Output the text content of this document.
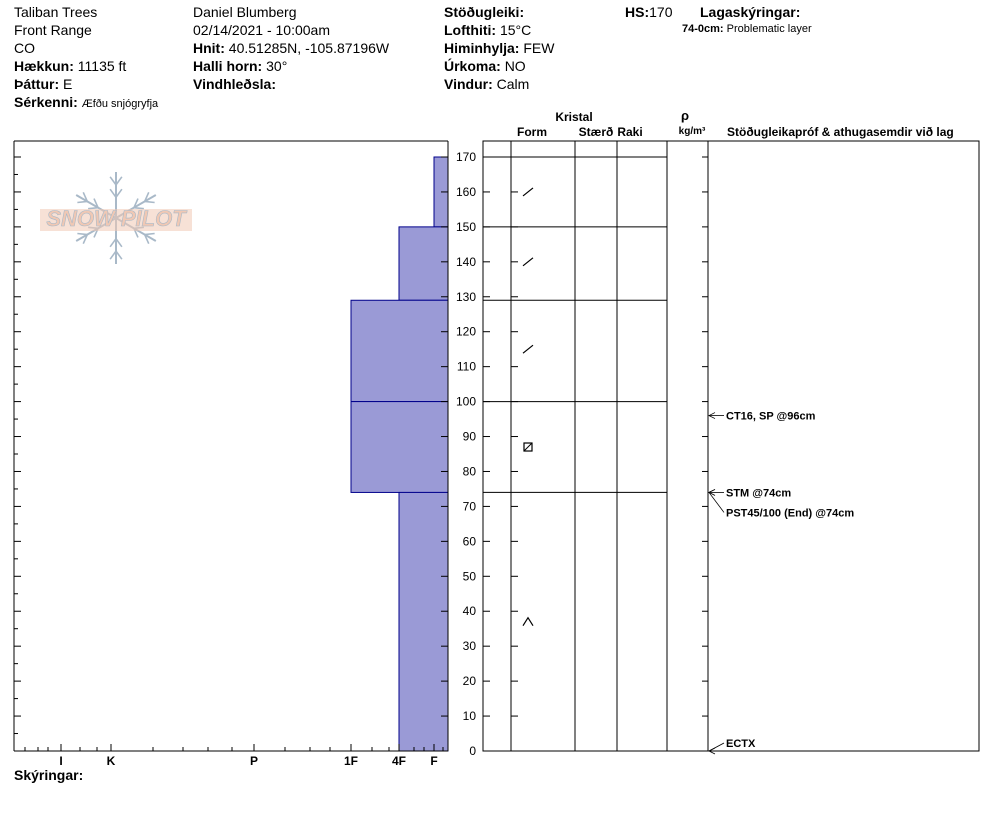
Taliban Trees
Front Range
CO
Hækkun: 11135 ft
Þáttur: E
Sérkenni: Æfðu snjógryfja
Daniel Blumberg
02/14/2021 - 10:00am
Hnit: 40.51285N, -105.87196W
Halli horn: 30°
Vindhleðsla:
Stöðugleiki:
Lofthiti: 15°C
Himinhylja: FEW
Úrkoma: NO
Vindur: Calm
HS:170 Lagaskýringar:
74-0cm: Problematic layer
Skýringar:
SNOW PILOT
I	K	P	1F	4F F
0
10
20
30
40
50
60
70
80
90
100
110
120
130
140
150
160
170
CT16, SP @96cm
STM @74cm
PST45/100 (End) @74cm
ECTX
Kristal
Form	Stærð Raki
ρ
kg/m³ Stöðugleikapróf & athugasemdir við lag
